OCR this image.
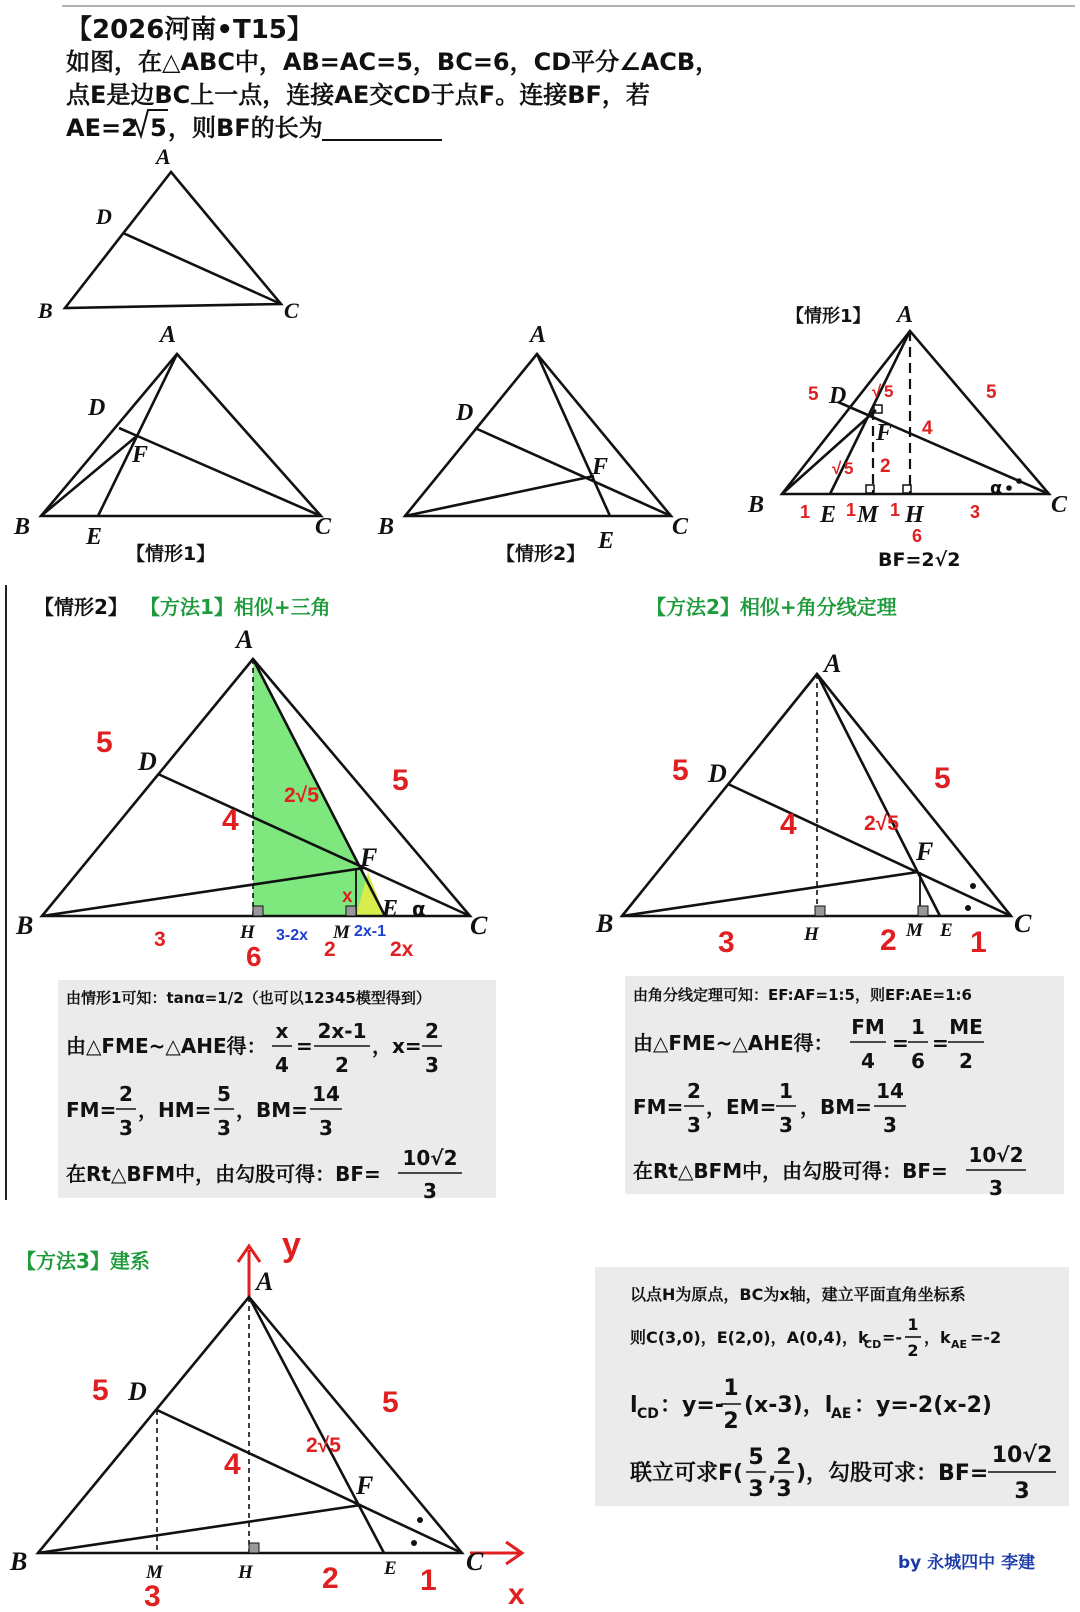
【2026河南•T15】
如图，在△ABC中，AB=AC=5，BC=6，CD平分∠ACB，
点E是边BC上一点，连接AE交CD于点F。连接BF，若
AE=2 5 ，则BF的长为
A
D
B	C
A
D
F
B E	C
【情形1】
A
D
F
B
E
C
【情形2】
【情形1】 A
D
F
B E M H	C
α
5	5
4
√ 5
√ 5 2
1 1 1	3
6
BF=2√2
【情形2】 【方法1】相似+三角
A
D
F
B
E
C
H	M
α
5
5
4
2√5
x
3
6	2	2x
3-2x	2x-1
由情形1可知：tanα=1/2（也可以12345模型得到）
由△FME~△AHE得：
x
4
=
2x-1
2
，x=
2
3
FM=
2
3
，HM=
5
3
，BM=
14
3
在Rt△BFM中，由勾股可得：BF=
10√2
3
【方法2】相似+角分线定理
A
D
F
B	C
H	M E
5	5
4	2√5
3	2 1
由角分线定理可知：EF:AF=1:5，则EF:AE=1:6
由△FME~△AHE得：
FM
4
=
1
6
=
ME
2
FM=
2
3
，EM=
1
3
，BM=
14
3
在Rt△BFM中，由勾股可得：BF=
10√2
3
【方法3】建系	y
x
A
D
F
B	C
M	H	E
5	5
4
2√5
3
2	1
以点H为原点，BC为x轴，建立平面直角坐标系
则C(3,0)，E(2,0)，A(0,4)，k
CD =-
1
2
，k AE =-2
l CD ：y=-
1
2
(x-3)，l
AE ：y=-2(x-2)
联立可求F(
5
3
,
2
3
)，勾股可求：BF=
10√2
3
by 永城四中 李建
